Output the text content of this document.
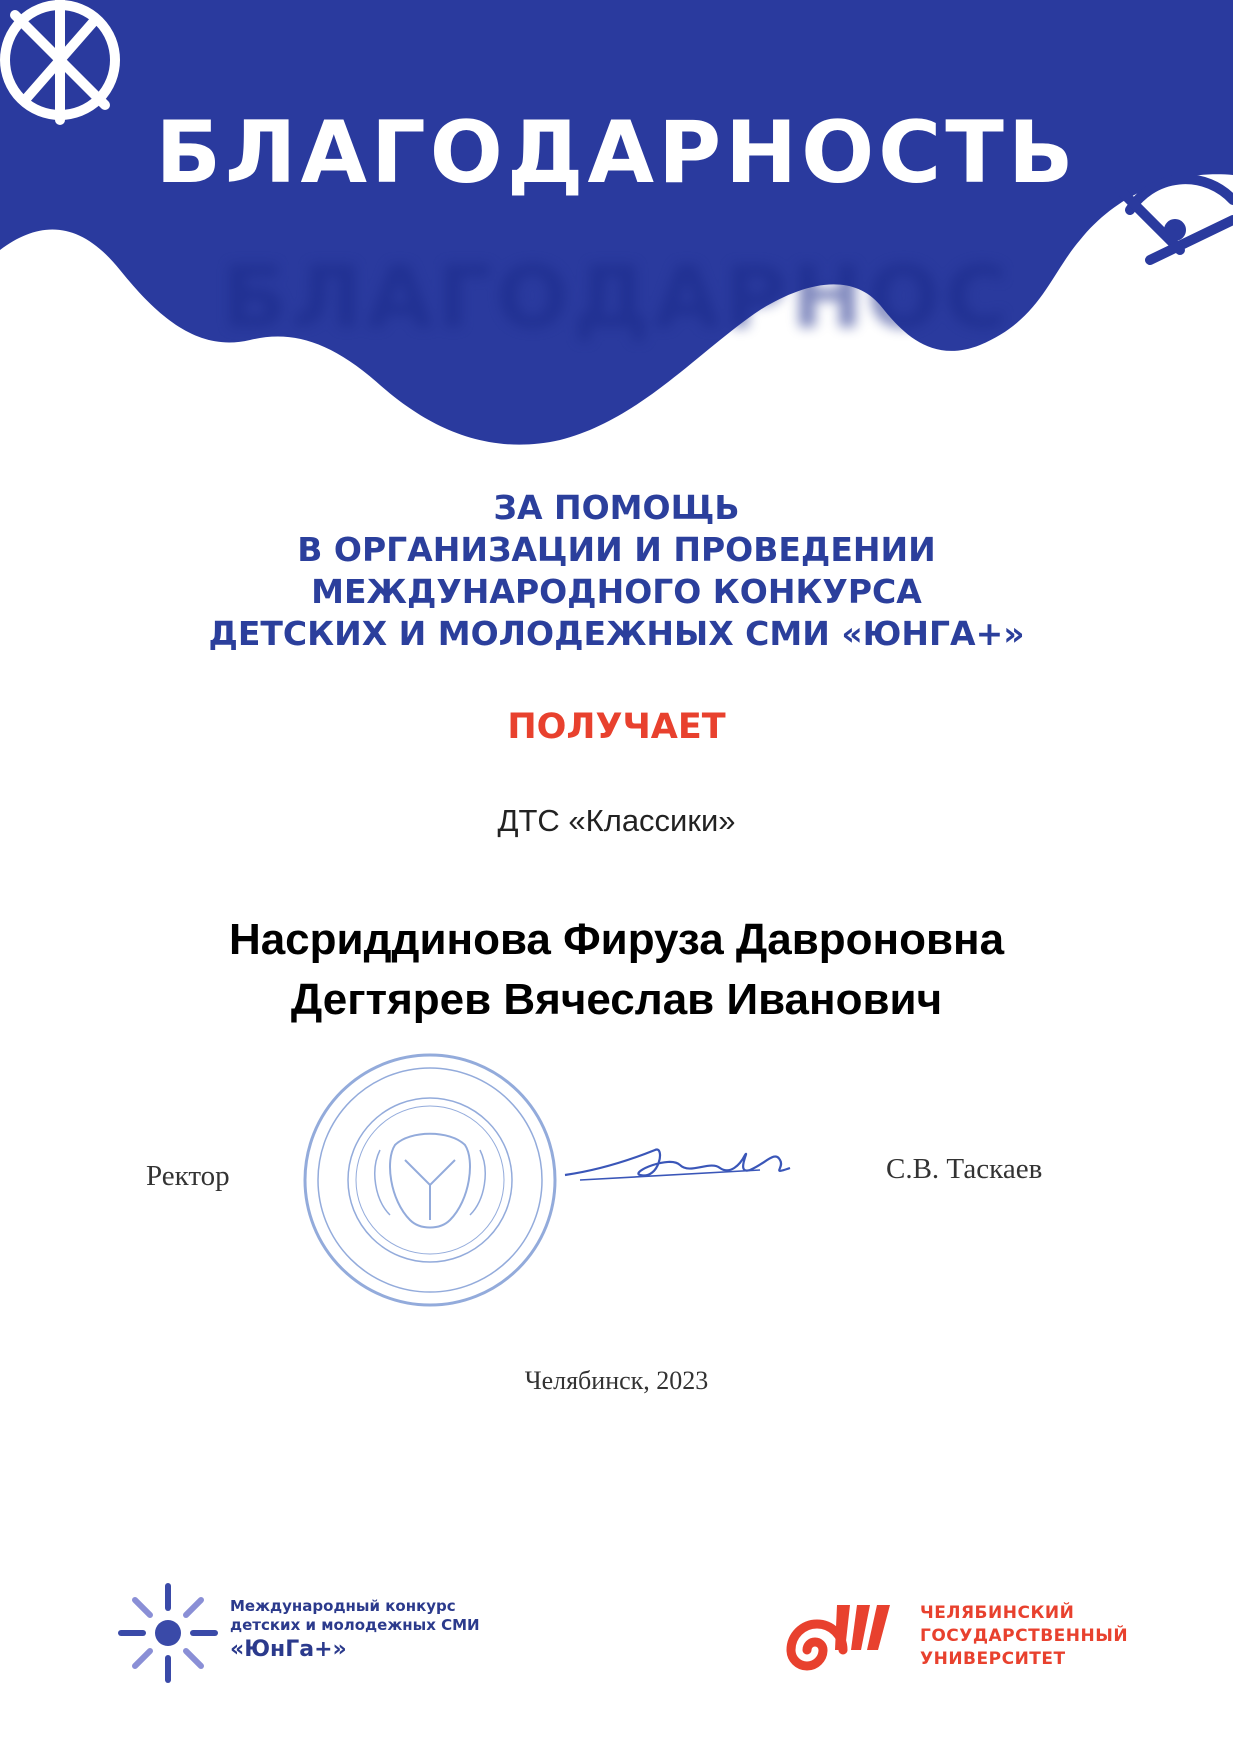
БЛАГОДАРНОСТЬ
БЛАГОДАРНОС
ЗА ПОМОЩЬ
В ОРГАНИЗАЦИИ И ПРОВЕДЕНИИ
МЕЖДУНАРОДНОГО КОНКУРСА
ДЕТСКИХ И МОЛОДЕЖНЫХ СМИ «ЮНГА+»
ПОЛУЧАЕТ
ДТС «Классики»
Насриддинова Фируза Давроновна
Дегтярев Вячеслав Иванович
Ректор	С.В. Таскаев
Челябинск, 2023
Международный конкурс
детских и молодежных СМИ
«ЮнГа+»
ЧЕЛЯБИНСКИЙ
ГОСУДАРСТВЕННЫЙ
УНИВЕРСИТЕТ
